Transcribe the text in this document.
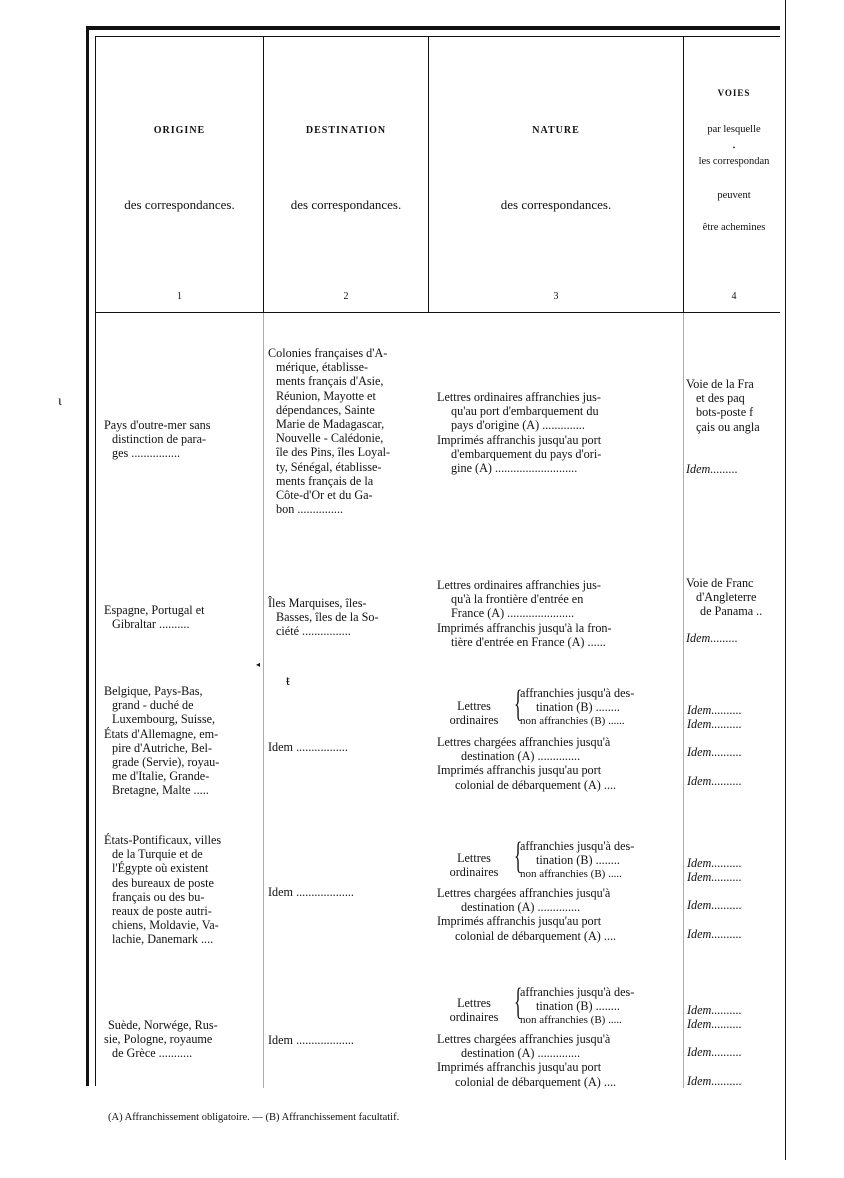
ɩ
ORIGINE
des correspondances.
1
DESTINATION
des correspondances.
2
NATURE
des correspondances.
3
VOIES
par lesquelle
•
les correspondan
peuvent
être achemines
4
Pays d'outre-mer sans
distinction de para-
ges ................
Colonies françaises d'A-
mérique, établisse-
ments français d'Asie,
Réunion, Mayotte et
dépendances, Sainte
Marie de Madagascar,
Nouvelle - Calédonie,
île des Pins, îles Loyal-
ty, Sénégal, établisse-
ments français de la
Côte-d'Or et du Ga-
bon ...............
Lettres ordinaires affranchies jus-
qu'au port d'embarquement du
pays d'origine (A) ..............
Imprimés affranchis jusqu'au port
d'embarquement du pays d'ori-
gine (A) ...........................
Voie de la Fra
et des paq
bots-poste f
çais ou angla
Idem.........
Espagne, Portugal et
Gibraltar ..........
Îles Marquises, îles-
Basses, îles de la So-
ciété ................
Lettres ordinaires affranchies jus-
qu'à la frontière d'entrée en
France (A) ......................
Imprimés affranchis jusqu'à la fron-
tière d'entrée en France (A) ......
Voie de Franc
d'Angleterre
de Panama ..
Idem.........
◂
ŧ
Belgique, Pays-Bas,
grand - duché de
Luxembourg, Suisse,
États d'Allemagne, em-
pire d'Autriche, Bel-
grade (Servie), royau-
me d'Italie, Grande-
Bretagne, Malte .....
Idem .................
Lettres
ordinaires {
affranchies jusqu'à des-
tination (B) ........
non affranchies (B) ......
Lettres chargées affranchies jusqu'à
destination (A) ..............
Imprimés affranchis jusqu'au port
colonial de débarquement (A) ....
Idem..........
Idem..........
Idem..........
Idem..........
États-Pontificaux, villes
de la Turquie et de
l'Égypte où existent
des bureaux de poste
français ou des bu-
reaux de poste autri-
chiens, Moldavie, Va-
lachie, Danemark ....
Idem ...................
Lettres
ordinaires {
affranchies jusqu'à des-
tination (B) ........
non affranchies (B) .....
Lettres chargées affranchies jusqu'à
destination (A) ..............
Imprimés affranchis jusqu'au port
colonial de débarquement (A) ....
Idem..........
Idem..........
Idem..........
Idem..........
Suède, Norwége, Rus-
sie, Pologne, royaume
de Grèce ...........
Idem ...................
Lettres
ordinaires {
affranchies jusqu'à des-
tination (B) ........
non affranchies (B) .....
Lettres chargées affranchies jusqu'à
destination (A) ..............
Imprimés affranchis jusqu'au port
colonial de débarquement (A) ....
Idem..........
Idem..........
Idem..........
Idem..........
(A) Affranchissement obligatoire. — (B) Affranchissement facultatif.
